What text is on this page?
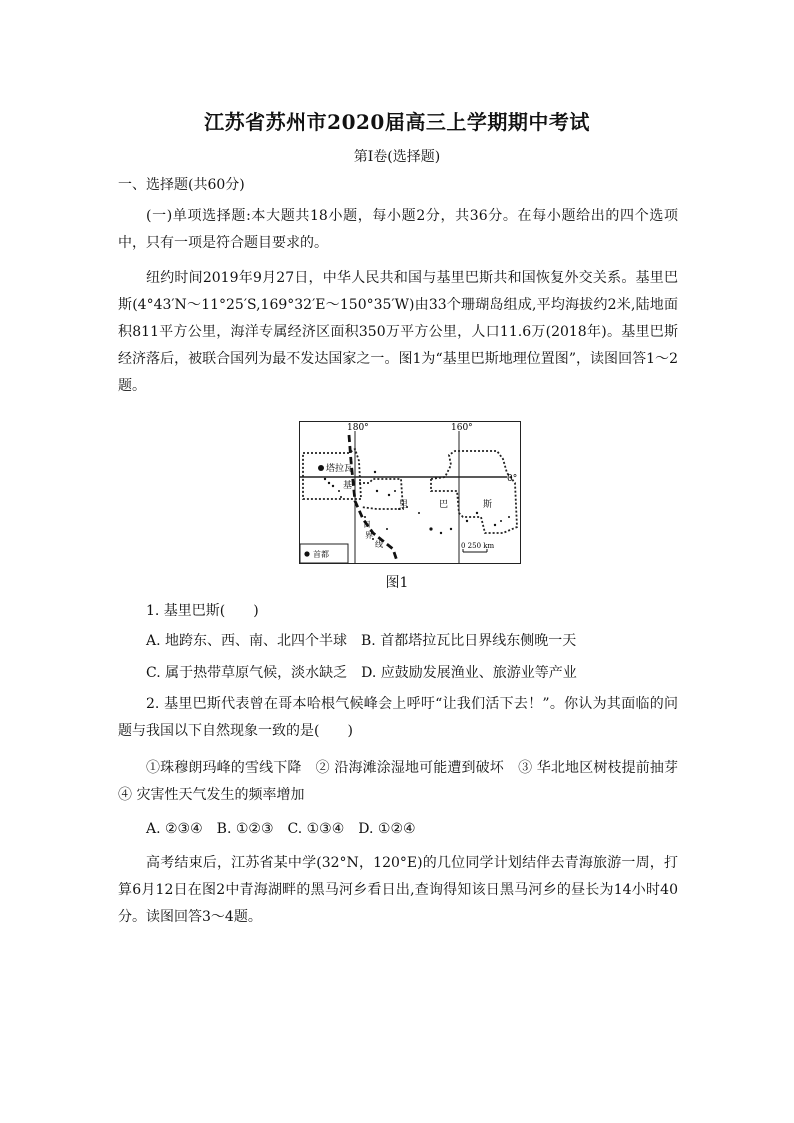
江苏省苏州市2020届高三上学期期中考试
第Ⅰ卷(选择题)
一、选择题(共60分)
(一)单项选择题:本大题共18小题，每小题2分，共36分。在每小题给出的四个选项中，只有一项是符合题目要求的。
纽约时间2019年9月27日，中华人民共和国与基里巴斯共和国恢复外交关系。基里巴斯(4°43′N～11°25′S,169°32′E～150°35′W)由33个珊瑚岛组成,平均海拔约2米,陆地面积811平方公里，海洋专属经济区面积350万平方公里，人口11.6万(2018年)。基里巴斯经济落后，被联合国列为最不发达国家之一。图1为“基里巴斯地理位置图”，读图回答1～2题。
180°	160°
0°
塔拉瓦
基
里	巴	斯
日
界
线	0 250 km
首都
图1
1. 基里巴斯(　　)
A. 地跨东、西、南、北四个半球　B. 首都塔拉瓦比日界线东侧晚一天
C. 属于热带草原气候，淡水缺乏　D. 应鼓励发展渔业、旅游业等产业
2. 基里巴斯代表曾在哥本哈根气候峰会上呼吁“让我们活下去！”。你认为其面临的问题与我国以下自然现象一致的是(　　)
①珠穆朗玛峰的雪线下降　② 沿海滩涂湿地可能遭到破坏　③ 华北地区树枝提前抽芽　④ 灾害性天气发生的频率增加
A. ②③④　B. ①②③　C. ①③④　D. ①②④
高考结束后，江苏省某中学(32°N，120°E)的几位同学计划结伴去青海旅游一周，打算6月12日在图2中青海湖畔的黑马河乡看日出,查询得知该日黑马河乡的昼长为14小时40分。读图回答3～4题。
